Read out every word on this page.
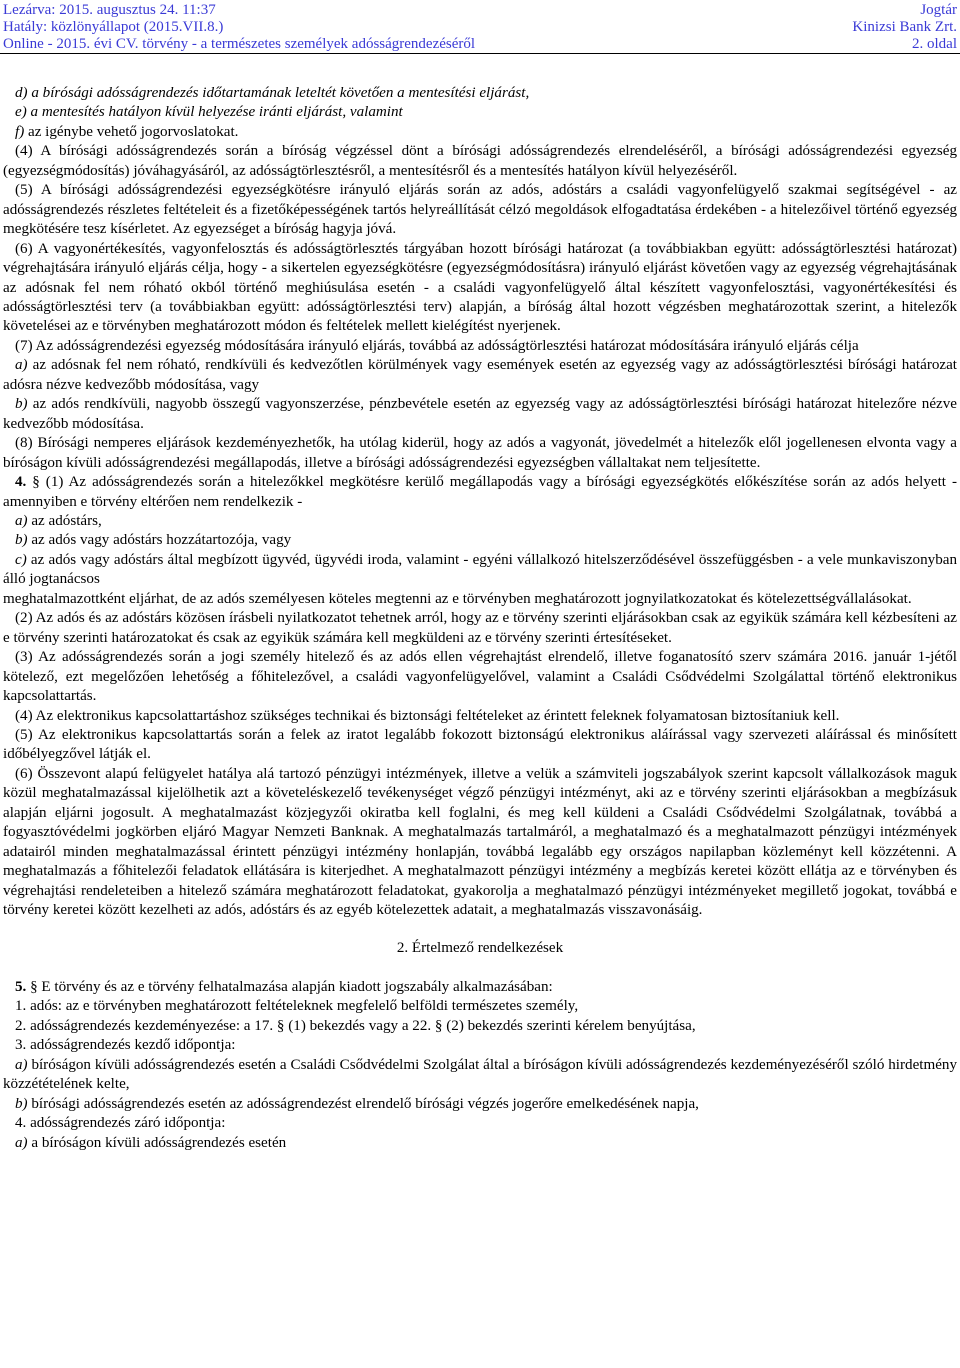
Lezárva: 2015. augusztus 24. 11:37
Hatály: közlönyállapot (2015.VII.8.)
Online - 2015. évi CV. törvény - a természetes személyek adósságrendezéséről
Jogtár
Kinizsi Bank Zrt.
2. oldal

d) a bírósági adósságrendezés időtartamának leteltét követően a mentesítési eljárást,

e) a mentesítés hatályon kívül helyezése iránti eljárást, valamint

f) az igénybe vehető jogorvoslatokat.

(4) A bírósági adósságrendezés során a bíróság végzéssel dönt a bírósági adósságrendezés elrendeléséről, a bírósági adósságrendezési egyezség (egyezségmódosítás) jóváhagyásáról, az adósságtörlesztésről, a mentesítésről és a mentesítés hatályon kívül helyezéséről.

(5) A bírósági adósságrendezési egyezségkötésre irányuló eljárás során az adós, adóstárs a családi vagyonfelügyelő szakmai segítségével - az adósságrendezés részletes feltételeit és a fizetőképességének tartós helyreállítását célzó megoldások elfogadtatása érdekében - a hitelezőivel történő egyezség megkötésére tesz kísérletet. Az egyezséget a bíróság hagyja jóvá.

(6) A vagyonértékesítés, vagyonfelosztás és adósságtörlesztés tárgyában hozott bírósági határozat (a továbbiakban együtt: adósságtörlesztési határozat) végrehajtására irányuló eljárás célja, hogy - a sikertelen egyezségkötésre (egyezségmódosításra) irányuló eljárást követően vagy az egyezség végrehajtásának az adósnak fel nem róható okból történő meghiúsulása esetén - a családi vagyonfelügyelő által készített vagyonfelosztási, vagyonértékesítési és adósságtörlesztési terv (a továbbiakban együtt: adósságtörlesztési terv) alapján, a bíróság által hozott végzésben meghatározottak szerint, a hitelezők követelései az e törvényben meghatározott módon és feltételek mellett kielégítést nyerjenek.

(7) Az adósságrendezési egyezség módosítására irányuló eljárás, továbbá az adósságtörlesztési határozat módosítására irányuló eljárás célja

a) az adósnak fel nem róható, rendkívüli és kedvezőtlen körülmények vagy események esetén az egyezség vagy az adósságtörlesztési bírósági határozat adósra nézve kedvezőbb módosítása, vagy

b) az adós rendkívüli, nagyobb összegű vagyonszerzése, pénzbevétele esetén az egyezség vagy az adósságtörlesztési bírósági határozat hitelezőre nézve kedvezőbb módosítása.

(8) Bírósági nemperes eljárások kezdeményezhetők, ha utólag kiderül, hogy az adós a vagyonát, jövedelmét a hitelezők elől jogellenesen elvonta vagy a bíróságon kívüli adósságrendezési megállapodás, illetve a bírósági adósságrendezési egyezségben vállaltakat nem teljesítette.

4. § (1) Az adósságrendezés során a hitelezőkkel megkötésre kerülő megállapodás vagy a bírósági egyezségkötés előkészítése során az adós helyett - amennyiben e törvény eltérően nem rendelkezik -

a) az adóstárs,

b) az adós vagy adóstárs hozzátartozója, vagy

c) az adós vagy adóstárs által megbízott ügyvéd, ügyvédi iroda, valamint - egyéni vállalkozó hitelszerződésével összefüggésben - a vele munkaviszonyban álló jogtanácsos

meghatalmazottként eljárhat, de az adós személyesen köteles megtenni az e törvényben meghatározott jognyilatkozatokat és kötelezettségvállalásokat.

(2) Az adós és az adóstárs közösen írásbeli nyilatkozatot tehetnek arról, hogy az e törvény szerinti eljárásokban csak az egyikük számára kell kézbesíteni az e törvény szerinti határozatokat és csak az egyikük számára kell megküldeni az e törvény szerinti értesítéseket.

(3) Az adósságrendezés során a jogi személy hitelező és az adós ellen végrehajtást elrendelő, illetve foganatosító szerv számára 2016. január 1-jétől kötelező, ezt megelőzően lehetőség a főhitelezővel, a családi vagyonfelügyelővel, valamint a Családi Csődvédelmi Szolgálattal történő elektronikus kapcsolattartás.

(4) Az elektronikus kapcsolattartáshoz szükséges technikai és biztonsági feltételeket az érintett feleknek folyamatosan biztosítaniuk kell.

(5) Az elektronikus kapcsolattartás során a felek az iratot legalább fokozott biztonságú elektronikus aláírással vagy szervezeti aláírással és minősített időbélyegzővel látják el.

(6) Összevont alapú felügyelet hatálya alá tartozó pénzügyi intézmények, illetve a velük a számviteli jogszabályok szerint kapcsolt vállalkozások maguk közül meghatalmazással kijelölhetik azt a követeléskezelő tevékenységet végző pénzügyi intézményt, aki az e törvény szerinti eljárásokban a megbízásuk alapján eljárni jogosult. A meghatalmazást közjegyzői okiratba kell foglalni, és meg kell küldeni a Családi Csődvédelmi Szolgálatnak, továbbá a fogyasztóvédelmi jogkörben eljáró Magyar Nemzeti Banknak. A meghatalmazás tartalmáról, a meghatalmazó és a meghatalmazott pénzügyi intézmények adatairól minden meghatalmazással érintett pénzügyi intézmény honlapján, továbbá legalább egy országos napilapban közleményt kell közzétenni. A meghatalmazás a főhitelezői feladatok ellátására is kiterjedhet. A meghatalmazott pénzügyi intézmény a megbízás keretei között ellátja az e törvényben és végrehajtási rendeleteiben a hitelező számára meghatározott feladatokat, gyakorolja a meghatalmazó pénzügyi intézményeket megillető jogokat, továbbá e törvény keretei között kezelheti az adós, adóstárs és az egyéb kötelezettek adatait, a meghatalmazás visszavonásáig.

2. Értelmező rendelkezések

5. § E törvény és az e törvény felhatalmazása alapján kiadott jogszabály alkalmazásában:

1. adós: az e törvényben meghatározott feltételeknek megfelelő belföldi természetes személy,

2. adósságrendezés kezdeményezése: a 17. § (1) bekezdés vagy a 22. § (2) bekezdés szerinti kérelem benyújtása,

3. adósságrendezés kezdő időpontja:

a) bíróságon kívüli adósságrendezés esetén a Családi Csődvédelmi Szolgálat által a bíróságon kívüli adósságrendezés kezdeményezéséről szóló hirdetmény közzétételének kelte,

b) bírósági adósságrendezés esetén az adósságrendezést elrendelő bírósági végzés jogerőre emelkedésének napja,

4. adósságrendezés záró időpontja:

a) a bíróságon kívüli adósságrendezés esetén
